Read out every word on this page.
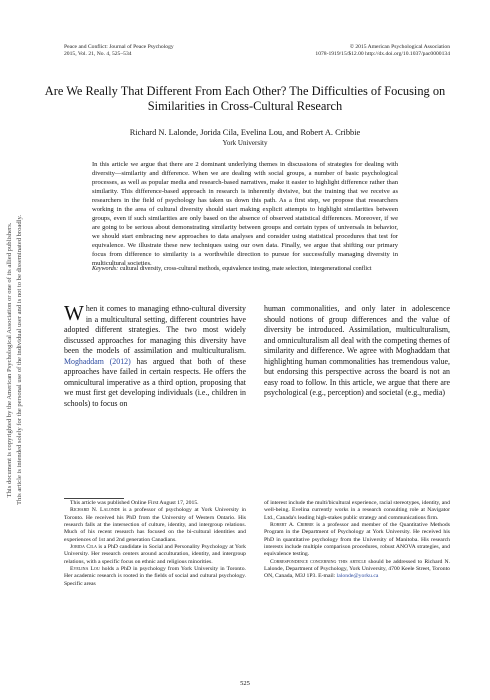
Peace and Conflict: Journal of Peace Psychology
2015, Vol. 21, No. 4, 525–534
© 2015 American Psychological Association
1078-1919/15/$12.00 http://dx.doi.org/10.1037/pac0000134
This document is copyrighted by the American Psychological Association or one of its allied publishers. This article is intended solely for the personal use of the individual user and is not to be disseminated broadly.
Are We Really That Different From Each Other? The Difficulties of Focusing on Similarities in Cross-Cultural Research
Richard N. Lalonde, Jorida Cila, Evelina Lou, and Robert A. Cribbie
York University

In this article we argue that there are 2 dominant underlying themes in discussions of strategies for dealing with diversity—similarity and difference. When we are dealing with social groups, a number of basic psychological processes, as well as popular media and research-based narratives, make it easier to highlight difference rather than similarity. This difference-based approach in research is inherently divisive, but the training that we receive as researchers in the field of psychology has taken us down this path. As a first step, we propose that researchers working in the area of cultural diversity should start making explicit attempts to highlight similarities between groups, even if such similarities are only based on the absence of observed statistical differences. Moreover, if we are going to be serious about demonstrating similarity between groups and certain types of universals in behavior, we should start embracing new approaches to data analyses and consider using statistical procedures that test for equivalence. We illustrate these new techniques using our own data. Finally, we argue that shifting our primary focus from difference to similarity is a worthwhile direction to pursue for successfully managing diversity in multicultural societies.

Keywords: cultural diversity, cross-cultural methods, equivalence testing, mate selection, intergenerational conflict

When it comes to managing ethno-cultural diversity in a multicultural setting, different countries have adopted different strategies. The two most widely discussed approaches for managing this diversity have been the models of assimilation and multiculturalism. Moghaddam (2012) has argued that both of these approaches have failed in certain respects. He offers the omnicultural imperative as a third option, proposing that we must first get developing individuals (i.e., children in schools) to focus on

human commonalities, and only later in adolescence should notions of group differences and the value of diversity be introduced. Assimilation, multiculturalism, and omniculturalism all deal with the competing themes of similarity and difference. We agree with Moghaddam that highlighting human commonalities has tremendous value, but endorsing this perspective across the board is not an easy road to follow. In this article, we argue that there are psychological (e.g., perception) and societal (e.g., media)

This article was published Online First August 17, 2015.

Richard N. Lalonde is a professor of psychology at York University in Toronto. He received his PhD from the University of Western Ontario. His research falls at the intersection of culture, identity, and intergroup relations. Much of his recent research has focused on the bi-cultural identities and experiences of 1st and 2nd generation Canadians.

Jorida Cila is a PhD candidate in Social and Personality Psychology at York University. Her research centers around acculturation, identity, and intergroup relations, with a specific focus on ethnic and religious minorities.

Evelina Lou holds a PhD in psychology from York University in Toronto. Her academic research is rooted in the fields of social and cultural psychology. Specific areas

of interest include the multi/bicultural experience, racial stereotypes, identity, and well-being. Evelina currently works in a research consulting role at Navigator Ltd., Canada's leading high-stakes public strategy and communications firm.

Robert A. Cribbie is a professor and member of the Quantitative Methods Program in the Department of Psychology at York University. He received his PhD in quantitative psychology from the University of Manitoba. His research interests include multiple comparison procedures, robust ANOVA strategies, and equivalence testing.

Correspondence concerning this article should be addressed to Richard N. Lalonde, Department of Psychology, York University, 4700 Keele Street, Toronto ON, Canada, M3J 1P3. E-mail: lalonde@yorku.ca

525
